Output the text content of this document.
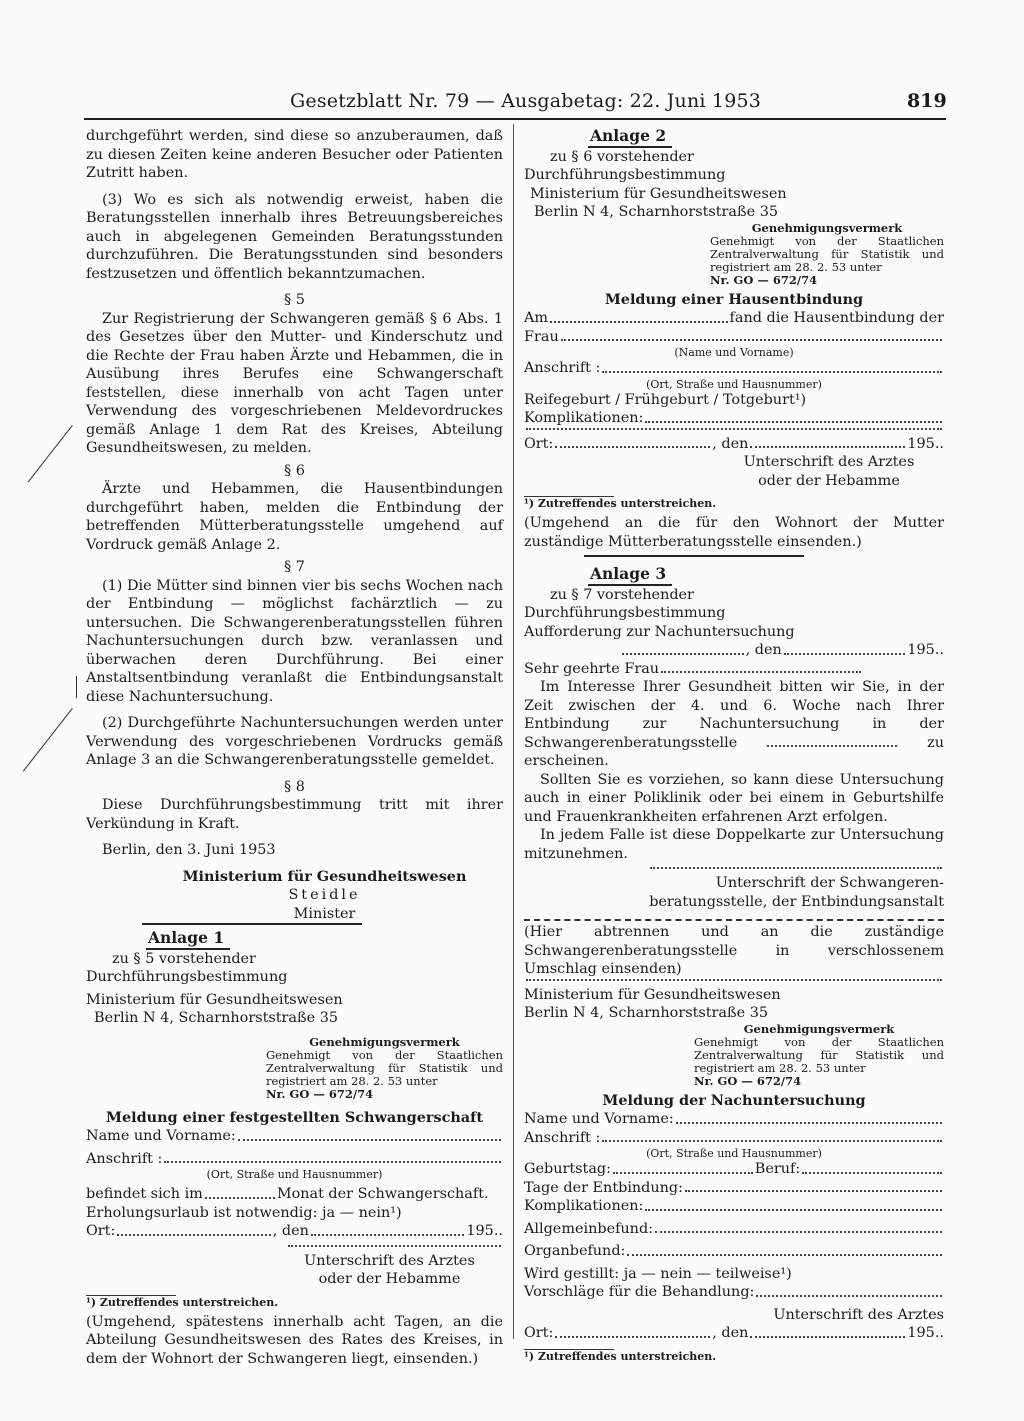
Gesetzblatt Nr. 79 — Ausgabetag: 22. Juni 1953	819

durchgeführt werden, sind diese so anzuberaumen, daß zu diesen Zeiten keine anderen Besucher oder Patienten Zutritt haben.

(3) Wo es sich als notwendig erweist, haben die Beratungsstellen innerhalb ihres Betreuungsbereiches auch in abgelegenen Gemeinden Beratungsstunden durchzuführen. Die Beratungsstunden sind besonders festzusetzen und öffentlich bekanntzumachen.

§ 5

Zur Registrierung der Schwangeren gemäß § 6 Abs. 1 des Gesetzes über den Mutter- und Kinderschutz und die Rechte der Frau haben Ärzte und Hebammen, die in Ausübung ihres Berufes eine Schwangerschaft feststellen, diese innerhalb von acht Tagen unter Verwendung des vorgeschriebenen Meldevordruckes gemäß Anlage 1 dem Rat des Kreises, Abteilung Gesundheitswesen, zu melden.

§ 6

Ärzte und Hebammen, die Hausentbindungen durchgeführt haben, melden die Entbindung der betreffenden Mütterberatungsstelle umgehend auf Vordruck gemäß Anlage 2.

§ 7

(1) Die Mütter sind binnen vier bis sechs Wochen nach der Entbindung — möglichst fachärztlich — zu untersuchen. Die Schwangerenberatungsstellen führen Nachuntersuchungen durch bzw. veranlassen und überwachen deren Durchführung. Bei einer Anstaltsentbindung veranlaßt die Entbindungsanstalt diese Nachuntersuchung.

(2) Durchgeführte Nachuntersuchungen werden unter Verwendung des vorgeschriebenen Vordrucks gemäß Anlage 3 an die Schwangerenberatungsstelle gemeldet.

§ 8

Diese Durchführungsbestimmung tritt mit ihrer Verkündung in Kraft.

Berlin, den 3. Juni 1953

Ministerium für Gesundheitswesen

Steidle

Minister

Anlage 1

zu § 5 vorstehender

Durchführungsbestimmung

Ministerium für Gesundheitswesen

Berlin N 4, Scharnhorststraße 35

Genehmigungsvermerk

Genehmigt von der Staatlichen Zentralverwaltung für Statistik und registriert am 28. 2. 53 unter

Nr. GO — 672/74

Meldung einer festgestellten Schwangerschaft

Name und Vorname:
Anschrift :

(Ort, Straße und Hausnummer)

befindet sich im	Monat der Schwangerschaft.

Erholungsurlaub ist notwendig: ja — nein¹)

Ort:	, den	195..

Unterschrift des Arztes

oder der Hebamme

¹) Zutreffendes unterstreichen.

(Umgehend, spätestens innerhalb acht Tagen, an die Abteilung Gesundheitswesen des Rates des Kreises, in dem der Wohnort der Schwangeren liegt, einsenden.)

Anlage 2

zu § 6 vorstehender

Durchführungsbestimmung

Ministerium für Gesundheitswesen

Berlin N 4, Scharnhorststraße 35

Genehmigungsvermerk

Genehmigt von der Staatlichen Zentralverwaltung für Statistik und registriert am 28. 2. 53 unter

Nr. GO — 672/74

Meldung einer Hausentbindung

Am	fand die Hausentbindung der
Frau

(Name und Vorname)

Anschrift :

(Ort, Straße und Hausnummer)

Reifegeburt / Frühgeburt / Totgeburt¹)

Komplikationen:
Ort:	, den	195..

Unterschrift des Arztes

oder der Hebamme

¹) Zutreffendes unterstreichen.

(Umgehend an die für den Wohnort der Mutter zuständige Mütterberatungsstelle einsenden.)

Anlage 3

zu § 7 vorstehender

Durchführungsbestimmung

Aufforderung zur Nachuntersuchung

, den	195..
Sehr geehrte Frau

Im Interesse Ihrer Gesundheit bitten wir Sie, in der Zeit zwischen der 4. und 6. Woche nach Ihrer Entbindung zur Nachuntersuchung in der Schwangerenberatungsstelle	zu erscheinen.

Sollten Sie es vorziehen, so kann diese Untersuchung auch in einer Poliklinik oder bei einem in Geburtshilfe und Frauenkrankheiten erfahrenen Arzt erfolgen.

In jedem Falle ist diese Doppelkarte zur Untersuchung mitzunehmen.

Unterschrift der Schwangeren-

beratungsstelle, der Entbindungsanstalt

(Hier abtrennen und an die zuständige Schwangerenberatungsstelle in verschlossenem Umschlag einsenden)

Ministerium für Gesundheitswesen

Berlin N 4, Scharnhorststraße 35

Genehmigungsvermerk

Genehmigt von der Staatlichen Zentralverwaltung für Statistik und registriert am 28. 2. 53 unter

Nr. GO — 672/74

Meldung der Nachuntersuchung

Name und Vorname:
Anschrift :

(Ort, Straße und Hausnummer)

Geburtstag:	Beruf:
Tage der Entbindung:
Komplikationen:
Allgemeinbefund:
Organbefund:

Wird gestillt: ja — nein — teilweise¹)

Vorschläge für die Behandlung:

Unterschrift des Arztes

Ort:	, den	195..

¹) Zutreffendes unterstreichen.
